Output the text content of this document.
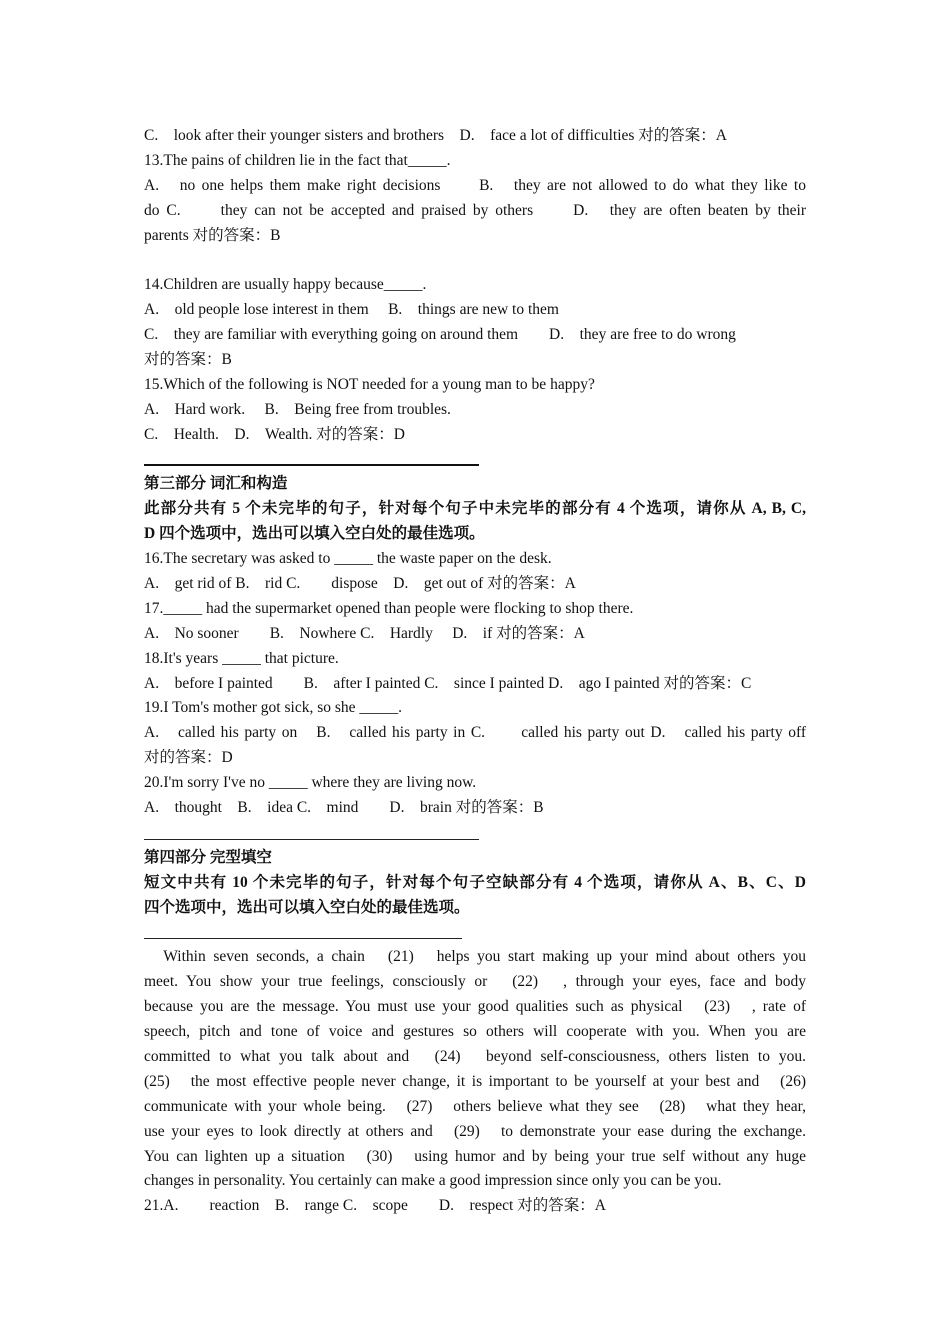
C.　look after their younger sisters and brothers　D.　face a lot of difficulties 对的答案：A
13.The pains of children lie in the fact that_____.
A.　no one helps them make right decisions　　B.　they are not allowed to do what they like to
do C.　　they can not be accepted and praised by others　　D.　they are often beaten by their
parents 对的答案：B
14.Children are usually happy because_____.
A.　old people lose interest in them　 B.　things are new to them
C.　they are familiar with everything going on around them　　D.　they are free to do wrong
对的答案：B
15.Which of the following is NOT needed for a young man to be happy?
A.　Hard work.　 B.　Being free from troubles.
C.　Health.　D.　Wealth. 对的答案：D
第三部分 词汇和构造
此部分共有 5 个未完毕的句子，针对每个句子中未完毕的部分有 4 个选项，请你从 A, B, C,
D 四个选项中，选出可以填入空白处的最佳选项。
16.The secretary was asked to _____ the waste paper on the desk.
A.　get rid of B.　rid C.　　dispose　D.　get out of 对的答案：A
17._____ had the supermarket opened than people were flocking to shop there.
A.　No sooner　　B.　Nowhere C.　Hardly　 D.　if 对的答案：A
18.It's years _____ that picture.
A.　before I painted　　B.　after I painted C.　since I painted D.　ago I painted 对的答案：C
19.I Tom's mother got sick, so she _____.
A.　called his party on　B.　called his party in C.　　called his party out D.　called his party off
对的答案：D
20.I'm sorry I've no _____ where they are living now.
A.　thought　B.　idea C.　mind　　D.　brain 对的答案：B
第四部分 完型填空
短文中共有 10 个未完毕的句子，针对每个句子空缺部分有 4 个选项，请你从 A、B、C、D
四个选项中，选出可以填入空白处的最佳选项。
　Within seven seconds, a chain　(21)　helps you start making up your mind about others you
meet. You show your true feelings, consciously or　(22)　, through your eyes, face and body
because you are the message. You must use your good qualities such as physical　(23)　, rate of
speech, pitch and tone of voice and gestures so others will cooperate with you. When you are
committed to what you talk about and　(24)　beyond self-consciousness, others listen to you.
(25)　the most effective people never change, it is important to be yourself at your best and　(26)
communicate with your whole being.　(27)　others believe what they see　(28)　what they hear,
use your eyes to look directly at others and　(29)　to demonstrate your ease during the exchange.
You can lighten up a situation　(30)　using humor and by being your true self without any huge
changes in personality. You certainly can make a good impression since only you can be you.
21.A.　　reaction　B.　range C.　scope　　D.　respect 对的答案：A
